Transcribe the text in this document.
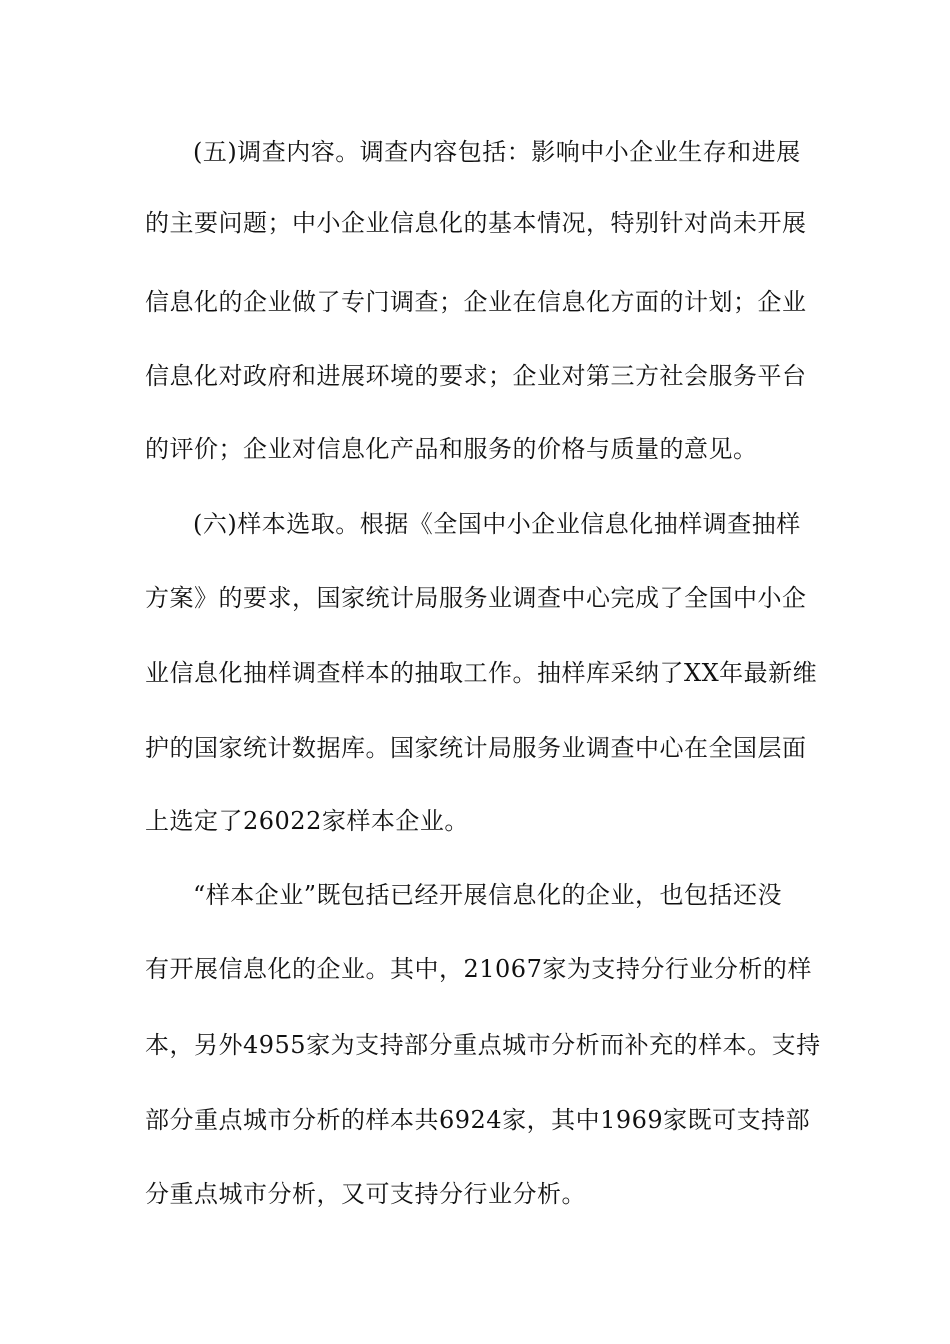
(五)调查内容。调查内容包括：影响中小企业生存和进展
的主要问题；中小企业信息化的基本情况，特别针对尚未开展
信息化的企业做了专门调查；企业在信息化方面的计划；企业
信息化对政府和进展环境的要求；企业对第三方社会服务平台
的评价；企业对信息化产品和服务的价格与质量的意见。
(六)样本选取。根据《全国中小企业信息化抽样调查抽样
方案》的要求，国家统计局服务业调查中心完成了全国中小企
业信息化抽样调查样本的抽取工作。抽样库采纳了XX年最新维
护的国家统计数据库。国家统计局服务业调查中心在全国层面
上选定了26022家样本企业。
“样本企业”既包括已经开展信息化的企业，也包括还没
有开展信息化的企业。其中，21067家为支持分行业分析的样
本，另外4955家为支持部分重点城市分析而补充的样本。支持
部分重点城市分析的样本共6924家，其中1969家既可支持部
分重点城市分析，又可支持分行业分析。
